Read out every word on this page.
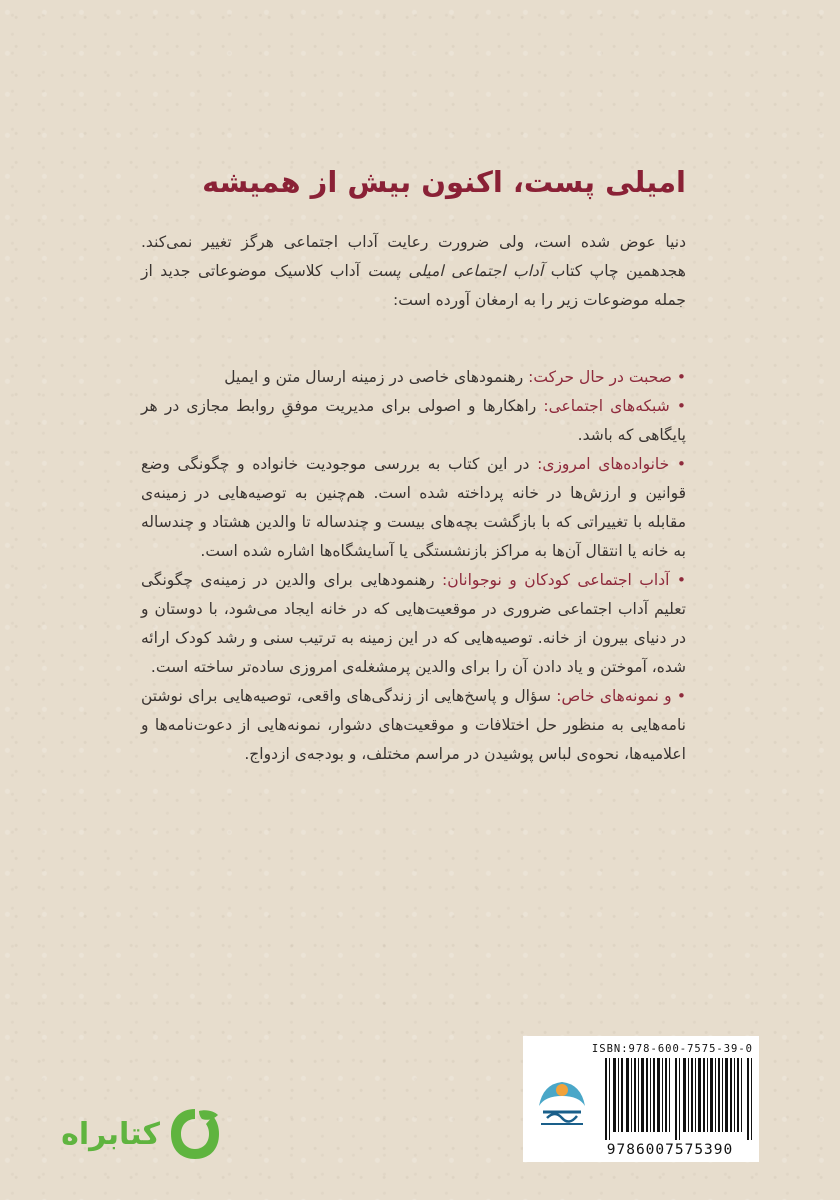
امیلی پست، اکنون بیش از همیشه

دنیا عوض شده است، ولی ضرورت رعایت آداب اجتماعی هرگز تغییر نمی‌کند. هجدهمین چاپ کتاب آداب اجتماعی امیلی پست آداب کلاسیک موضوعاتی جدید از جمله موضوعات زیر را به ارمغان آورده است:

• صحبت در حال حرکت: رهنمودهای خاصی در زمینه ارسال متن و ایمیل

• شبکه‌های اجتماعی: راهکارها و اصولی برای مدیریت موفقِ روابط مجازی در هر پایگاهی که باشد.

• خانواده‌های امروزی: در این کتاب به بررسی موجودیت خانواده و چگونگی وضع قوانین و ارزش‌ها در خانه پرداخته شده است. هم‌چنین به توصیه‌هایی در زمینه‌ی مقابله با تغییراتی که با بازگشت بچه‌های بیست و چندساله تا والدین هشتاد و چندساله به خانه یا انتقال آن‌ها به مراکز بازنشستگی یا آسایشگاه‌ها اشاره شده است.

• آداب اجتماعی کودکان و نوجوانان: رهنمودهایی برای والدین در زمینه‌ی چگونگی تعلیم آداب اجتماعی ضروری در موقعیت‌هایی که در خانه ایجاد می‌شود، با دوستان و در دنیای بیرون از خانه. توصیه‌هایی که در این زمینه به ترتیب سنی و رشد کودک ارائه شده، آموختن و یاد دادن آن را برای والدین پرمشغله‌ی امروزی ساده‌تر ساخته است.

• و نمونه‌های خاص: سؤال و پاسخ‌هایی از زندگی‌های واقعی، توصیه‌هایی برای نوشتن نامه‌هایی به منظور حل اختلافات و موقعیت‌های دشوار، نمونه‌هایی از دعوت‌نامه‌ها و اعلامیه‌ها، نحوه‌ی لباس پوشیدن در مراسم مختلف، و بودجه‌ی ازدواج.

ISBN:978-600-7575-39-0
9786007575390
کتابراه
